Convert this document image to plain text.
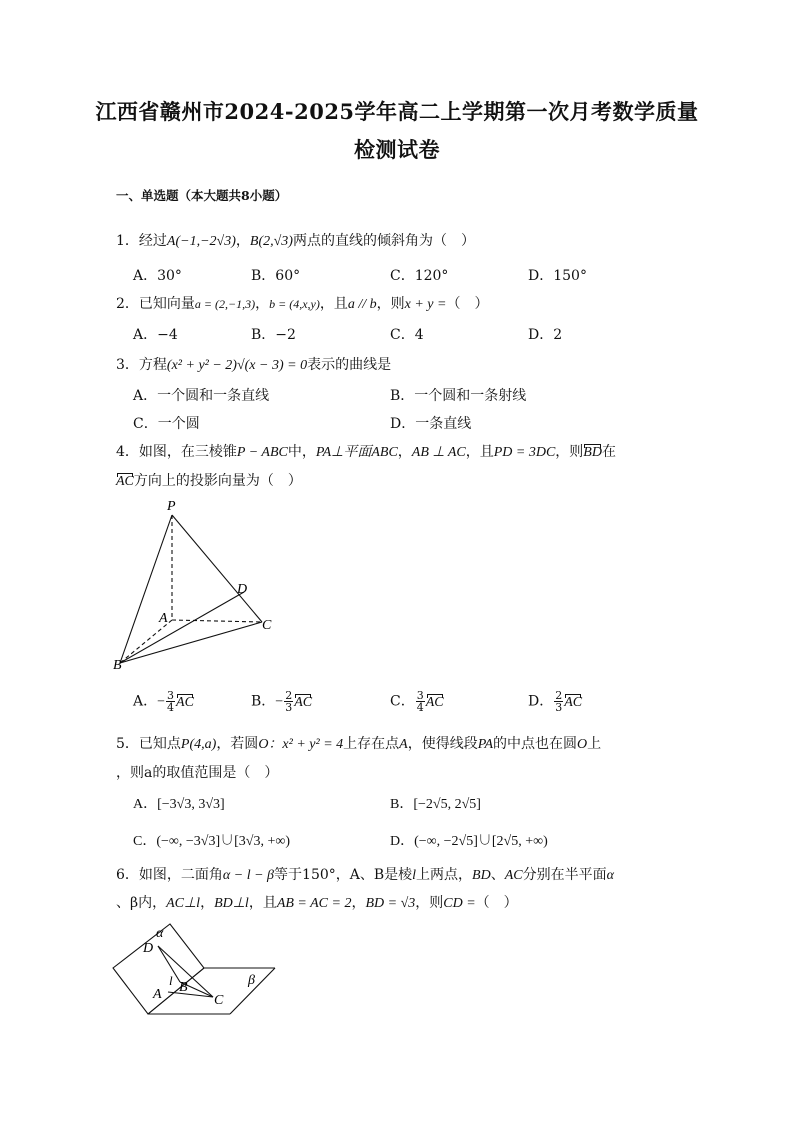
江西省赣州市2024-2025学年高二上学期第一次月考数学质量
检测试卷
一、单选题（本大题共8小题）
1．经过A(−1,−2√3)，B(2,√3)两点的直线的倾斜角为（　）
A．30°	B．60°	C．120°	D．150°
2．已知向量a = (2,−1,3)，b = (4,x,y)，且a // b，则x + y =（　）
A．−4	B．−2	C．4	D．2
3．方程(x² + y² − 2)√(x − 3) = 0表示的曲线是
A．一个圆和一条直线	B．一个圆和一条射线
C．一个圆	D．一条直线
4．如图，在三棱锥P − ABC中，PA⊥平面ABC，AB ⊥ AC，且PD = 3DC，则BD在
AC方向上的投影向量为（　）
P
D
A	C
B
A．− $\frac{3}{4}$ AC	B．− $\frac{2}{3}$ AC	C． $\frac{3}{4}$ AC	D． $\frac{2}{3}$ AC
5．已知点P(4,a)，若圆O：x² + y² = 4上存在点A，使得线段PA的中点也在圆O上
，则a的取值范围是（　）
A．[−3√3, 3√3]	B．[−2√5, 2√5]
C．(−∞, −3√3]∪[3√3, +∞)	D．(−∞, −2√5]∪[2√5, +∞)
6．如图，二面角α − l − β等于150°，A、B是棱l上两点，BD、AC分别在半平面α
、β内，AC⊥l，BD⊥l，且AB = AC = 2，BD = √3，则CD =（　）
α
D
β
l
A B
C
